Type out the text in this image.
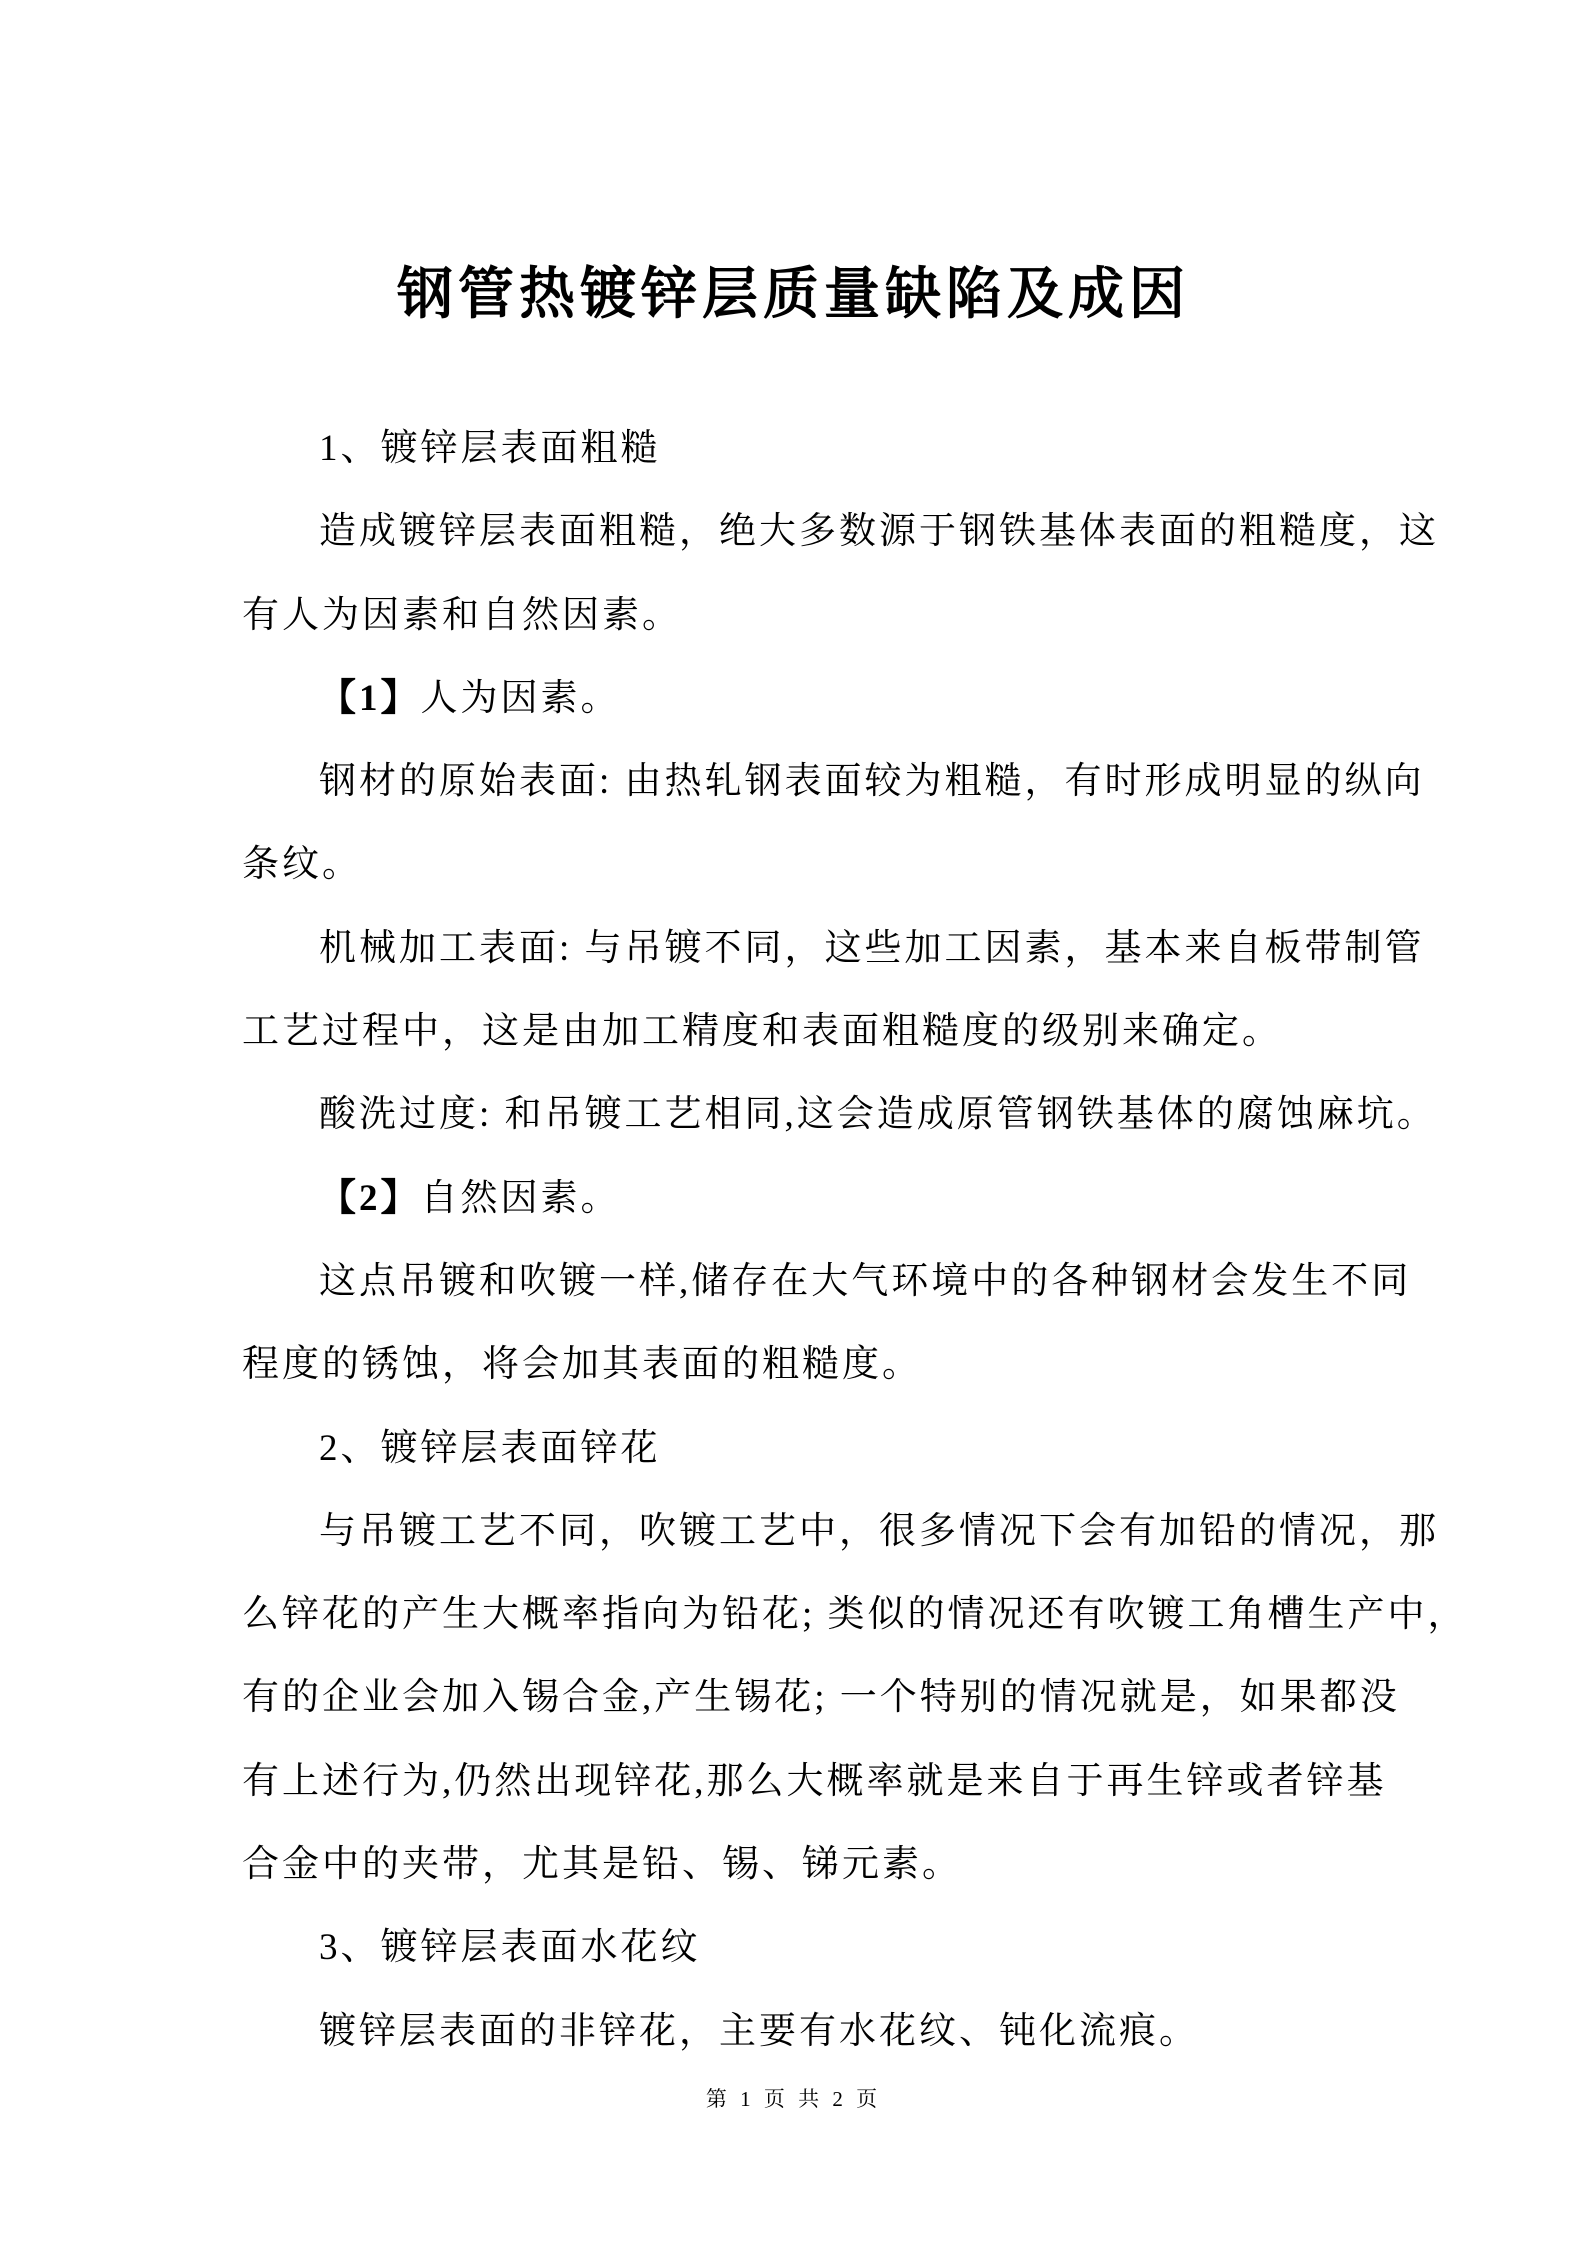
钢管热镀锌层质量缺陷及成因
1、镀锌层表面粗糙
造成镀锌层表面粗糙，绝大多数源于钢铁基体表面的粗糙度，这
有人为因素和自然因素。
【1】人为因素。
钢材的原始表面: 由热轧钢表面较为粗糙，有时形成明显的纵向
条纹。
机械加工表面: 与吊镀不同，这些加工因素，基本来自板带制管
工艺过程中，这是由加工精度和表面粗糙度的级别来确定。
酸洗过度: 和吊镀工艺相同,这会造成原管钢铁基体的腐蚀麻坑。
【2】自然因素。
这点吊镀和吹镀一样,储存在大气环境中的各种钢材会发生不同
程度的锈蚀，将会加其表面的粗糙度。
2、镀锌层表面锌花
与吊镀工艺不同，吹镀工艺中，很多情况下会有加铅的情况，那
么锌花的产生大概率指向为铅花; 类似的情况还有吹镀工角槽生产中，
有的企业会加入锡合金,产生锡花; 一个特别的情况就是，如果都没
有上述行为,仍然出现锌花,那么大概率就是来自于再生锌或者锌基
合金中的夹带，尤其是铅、锡、锑元素。
3、镀锌层表面水花纹
镀锌层表面的非锌花，主要有水花纹、钝化流痕。
第 1 页 共 2 页
